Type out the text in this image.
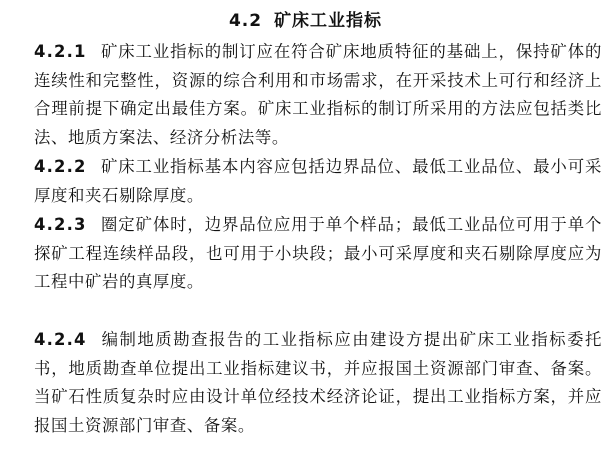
4.2 矿床工业指标
4.2.1 矿床工业指标的制订应在符合矿床地质特征的基础上，保持矿体的连续性和完整性，资源的综合利用和市场需求，在开采技术上可行和经济上合理前提下确定出最佳方案。矿床工业指标的制订所采用的方法应包括类比法、地质方案法、经济分析法等。
4.2.2 矿床工业指标基本内容应包括边界品位、最低工业品位、最小可采厚度和夹石剔除厚度。
4.2.3 圈定矿体时，边界品位应用于单个样品；最低工业品位可用于单个探矿工程连续样品段，也可用于小块段；最小可采厚度和夹石剔除厚度应为工程中矿岩的真厚度。
4.2.4 编制地质勘查报告的工业指标应由建设方提出矿床工业指标委托书，地质勘查单位提出工业指标建议书，并应报国土资源部门审查、备案。当矿石性质复杂时应由设计单位经技术经济论证，提出工业指标方案，并应报国土资源部门审查、备案。
